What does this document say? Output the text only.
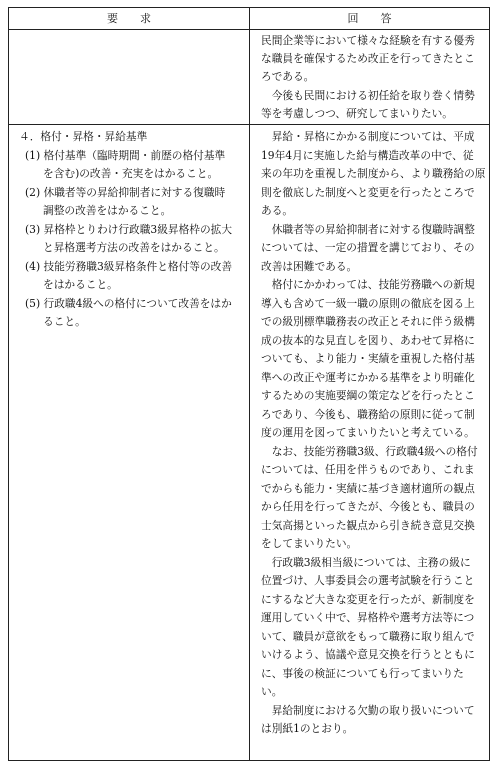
要　　求	回　　答
民間企業等において様々な経験を有する優秀
な職員を確保するため改正を行ってきたとこ
ろである。
　今後も民間における初任給を取り巻く情勢
等を考慮しつつ、研究してまいりたい。
４．格付・昇格・昇給基準
(1) 格付基準（臨時期間・前歴の格付基準
を含む)の改善・充実をはかること。
(2) 休職者等の昇給抑制者に対する復職時
調整の改善をはかること。
(3) 昇格枠とりわけ行政職3級昇格枠の拡大
と昇格選考方法の改善をはかること。
(4) 技能労務職3級昇格条件と格付等の改善
をはかること。
(5) 行政職4級への格付について改善をはか
ること。
　昇給・昇格にかかる制度については、平成
19年4月に実施した給与構造改革の中で、従
来の年功を重視した制度から、より職務給の原
則を徹底した制度へと変更を行ったところで
ある。
　休職者等の昇給抑制者に対する復職時調整
については、一定の措置を講じており、その
改善は困難である。
　格付にかかわっては、技能労務職への新規
導入も含めて一級一職の原則の徹底を図る上
での級別標準職務表の改正とそれに伴う級構
成の抜本的な見直しを図り、あわせて昇格に
ついても、より能力・実績を重視した格付基
準への改正や運考にかかる基準をより明確化
するための実施要綱の策定などを行ったとこ
ろであり、今後も、職務給の原則に従って制
度の運用を図ってまいりたいと考えている。
　なお、技能労務職3級、行政職4級への格付
については、任用を伴うものであり、これま
でからも能力・実績に基づき適材適所の観点
から任用を行ってきたが、今後とも、職員の
士気高揚といった観点から引き続き意見交換
をしてまいりたい。
　行政職3級相当級については、主務の級に
位置づけ、人事委員会の選考試験を行うこと
にするなど大きな変更を行ったが、新制度を
運用していく中で、昇格枠や選考方法等につ
いて、職員が意欲をもって職務に取り組んで
いけるよう、協議や意見交換を行うとともに
に、事後の検証についても行ってまいりた
い。
　昇給制度における欠勤の取り扱いについて
は別紙1のとおり。
